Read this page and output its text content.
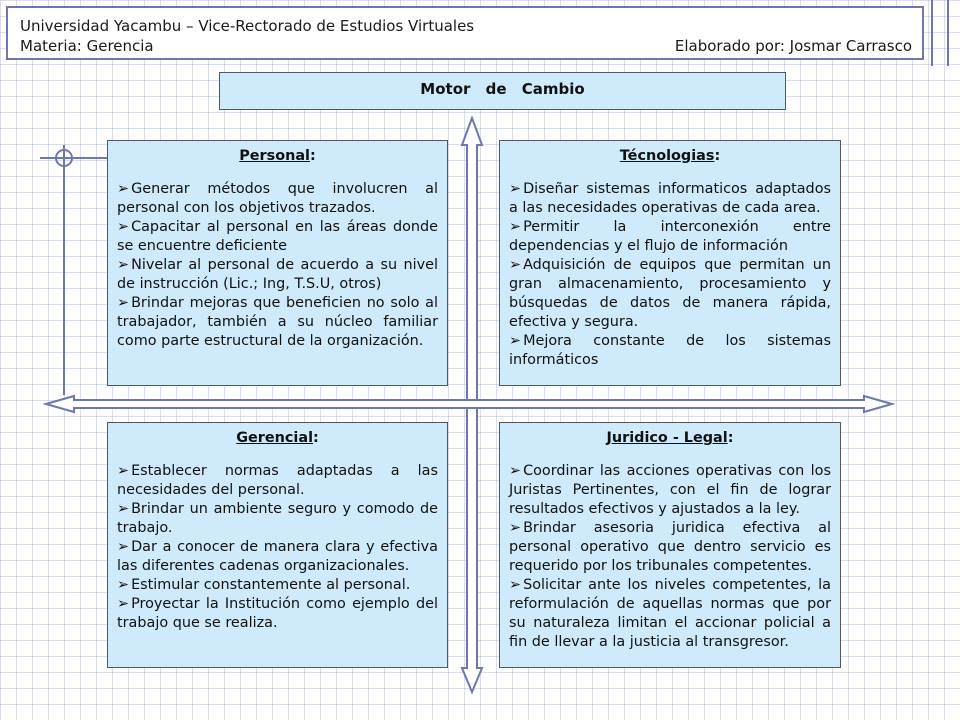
Universidad Yacambu – Vice-Rectorado de Estudios Virtuales
Materia: Gerencia	Elaborado por: Josmar Carrasco
Motor de Cambio
Personal:
➢ Generar métodos que involucren al personal con los objetivos trazados.
➢ Capacitar al personal en las áreas donde se encuentre deficiente
➢ Nivelar al personal de acuerdo a su nivel de instrucción (Lic.; Ing, T.S.U, otros)
➢ Brindar mejoras que beneficien no solo al trabajador, también a su núcleo familiar como parte estructural de la organización.
Técnologias:
➢ Diseñar sistemas informaticos adaptados a las necesidades operativas de cada area.
➢ Permitir la interconexión entre dependencias y el flujo de información
➢ Adquisición de equipos que permitan un gran almacenamiento, procesamiento y búsquedas de datos de manera rápida, efectiva y segura.
➢ Mejora constante de los sistemas informáticos
Gerencial:
➢ Establecer normas adaptadas a las necesidades del personal.
➢ Brindar un ambiente seguro y comodo de trabajo.
➢ Dar a conocer de manera clara y efectiva las diferentes cadenas organizacionales.
➢ Estimular constantemente al personal.
➢ Proyectar la Institución como ejemplo del trabajo que se realiza.
Juridico - Legal:
➢ Coordinar las acciones operativas con los Juristas Pertinentes, con el fin de lograr resultados efectivos y ajustados a la ley.
➢ Brindar asesoria juridica efectiva al personal operativo que dentro servicio es requerido por los tribunales competentes.
➢ Solicitar ante los niveles competentes, la reformulación de aquellas normas que por su naturaleza limitan el accionar policial a fin de llevar a la justicia al transgresor.
